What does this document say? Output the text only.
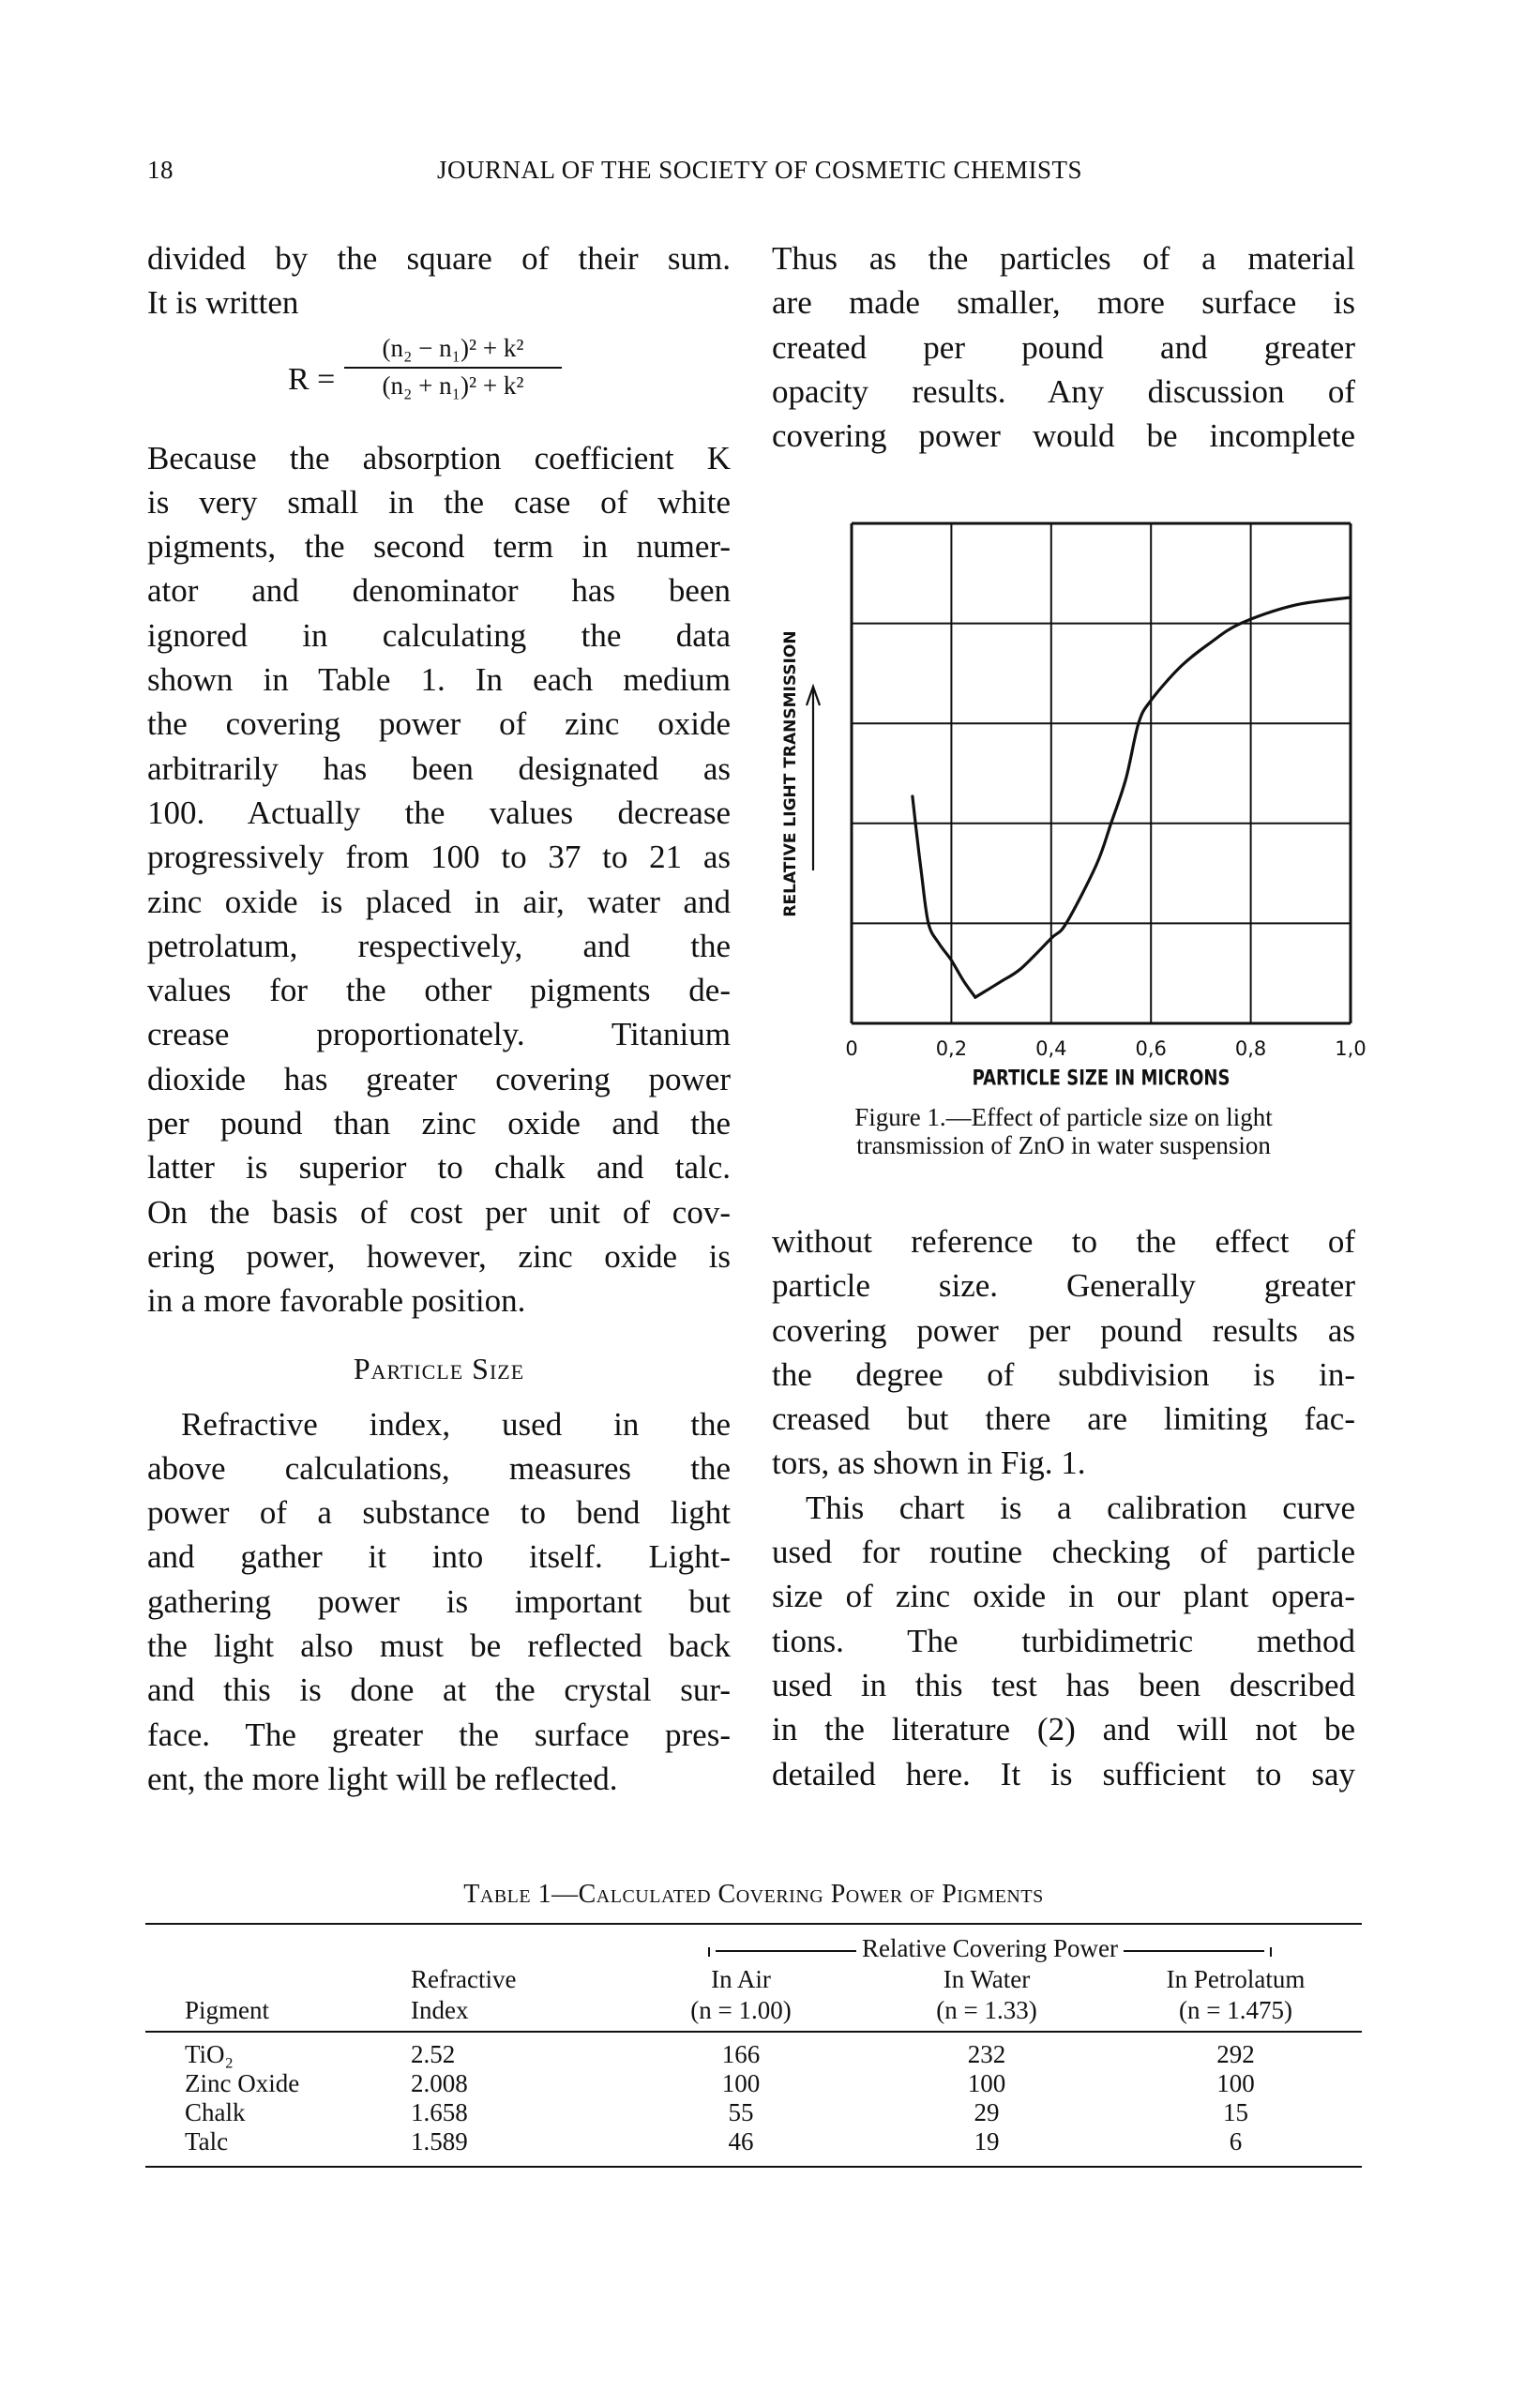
18	JOURNAL OF THE SOCIETY OF COSMETIC CHEMISTS
divided by the square of their sum.
It is written
$R = \frac{\text{(n₂ − n₁)² + k²}}{\text{(n₂ + n₁)² + k²}}$
Because the absorption coefficient K
is very small in the case of white
pigments, the second term in numer-
ator and denominator has been
ignored in calculating the data
shown in Table 1. In each medium
the covering power of zinc oxide
arbitrarily has been designated as
100. Actually the values decrease
progressively from 100 to 37 to 21 as
zinc oxide is placed in air, water and
petrolatum, respectively, and the
values for the other pigments de-
crease proportionately. Titanium
dioxide has greater covering power
per pound than zinc oxide and the
latter is superior to chalk and talc.
On the basis of cost per unit of cov-
ering power, however, zinc oxide is
in a more favorable position.
Particle Size
Refractive index, used in the
above calculations, measures the
power of a substance to bend light
and gather it into itself. Light-
gathering power is important but
the light also must be reflected back
and this is done at the crystal sur-
face. The greater the surface pres-
ent, the more light will be reflected.
Thus as the particles of a material
are made smaller, more surface is
created per pound and greater
opacity results. Any discussion of
covering power would be incomplete
0	0,2	0,4	0,6	0,8	1,0
PARTICLE SIZE IN MICRONS
RELATIVE LIGHT TRANSMISSION
Figure 1.—Effect of particle size on light
transmission of ZnO in water suspension
without reference to the effect of
particle size. Generally greater
covering power per pound results as
the degree of subdivision is in-
creased but there are limiting fac-
tors, as shown in Fig. 1.
This chart is a calibration curve
used for routine checking of particle
size of zinc oxide in our plant opera-
tions. The turbidimetric method
used in this test has been described
in the literature (2) and will not be
detailed here. It is sufficient to say
Table 1—Calculated Covering Power of Pigments
		Relative Covering Power		
	Refractive	In Air	In Water	In Petrolatum
Pigment	Index	(n = 1.00)	(n = 1.33)	(n = 1.475)
TiO₂	2.52	166	232	292
Zinc Oxide	2.008	100	100	100
Chalk	1.658	55	29	15
Talc	1.589	46	19	6
